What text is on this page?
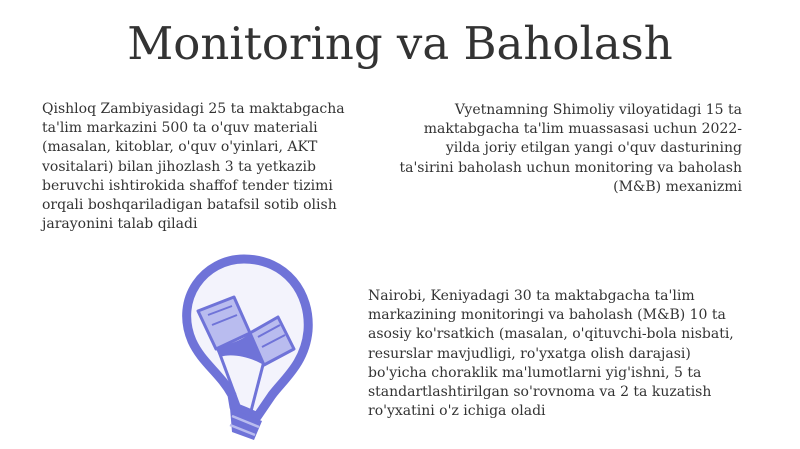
Monitoring va Baholash
Qishloq Zambiyasidagi 25 ta maktabgacha ta'lim markazini 500 ta o'quv materiali (masalan, kitoblar, o'quv o'yinlari, AKT vositalari) bilan jihozlash 3 ta yetkazib beruvchi ishtirokida shaffof tender tizimi orqali boshqariladigan batafsil sotib olish jarayonini talab qiladi
Vyetnamning Shimoliy viloyatidagi 15 ta maktabgacha ta'lim muassasasi uchun 2022-yilda joriy etilgan yangi o'quv dasturining ta'sirini baholash uchun monitoring va baholash (M&B) mexanizmi
Nairobi, Keniyadagi 30 ta maktabgacha ta'lim markazining monitoringi va baholash (M&B) 10 ta asosiy ko'rsatkich (masalan, o'qituvchi-bola nisbati, resurslar mavjudligi, ro'yxatga olish darajasi) bo'yicha choraklik ma'lumotlarni yig'ishni, 5 ta standartlashtirilgan so'rovnoma va 2 ta kuzatish ro'yxatini o'z ichiga oladi
